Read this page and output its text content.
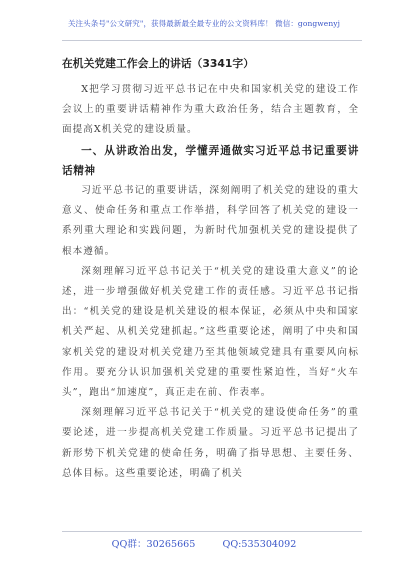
关注头条号"公文研究"，获得最新最全最专业的公文资料库！ 微信：gongwenyj
在机关党建工作会上的讲话（3341字）

X把学习贯彻习近平总书记在中央和国家机关党的建设工作会议上的重要讲话精神作为重大政治任务，结合主题教育，全面提高X机关党的建设质量。

一、从讲政治出发，学懂弄通做实习近平总书记重要讲话精神

习近平总书记的重要讲话，深刻阐明了机关党的建设的重大意义、使命任务和重点工作举措，科学回答了机关党的建设一系列重大理论和实践问题，为新时代加强机关党的建设提供了根本遵循。

深刻理解习近平总书记关于“机关党的建设重大意义”的论述，进一步增强做好机关党建工作的责任感。习近平总书记指出：“机关党的建设是机关建设的根本保证，必须从中央和国家机关严起、从机关党建抓起。”这些重要论述，阐明了中央和国家机关党的建设对机关党建乃至其他领域党建具有重要风向标作用。要充分认识加强机关党建的重要性紧迫性，当好“火车头”，跑出“加速度”，真正走在前、作表率。

深刻理解习近平总书记关于“机关党的建设使命任务”的重要论述，进一步提高机关党建工作质量。习近平总书记提出了新形势下机关党建的使命任务，明确了指导思想、主要任务、总体目标。这些重要论述，明确了机关

QQ群：30265665	QQ:535304092
